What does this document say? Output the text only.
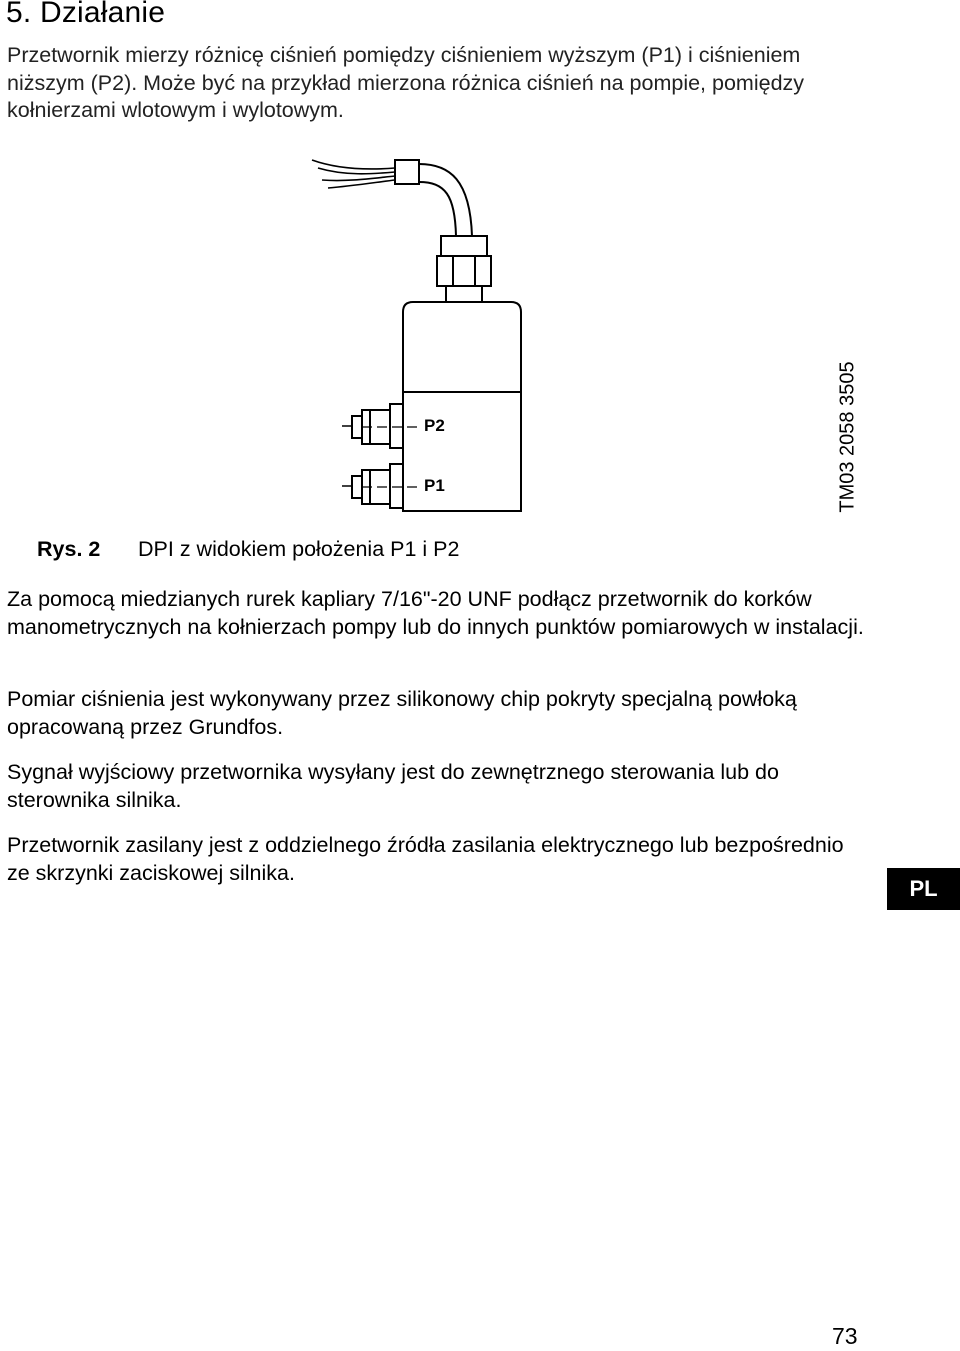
5. Działanie

Przetwornik mierzy różnicę ciśnień pomiędzy ciśnieniem wyższym (P1) i ciśnieniem niższym (P2). Może być na przykład mierzona różnica ciśnień na pompie, pomiędzy kołnierzami wlotowym i wylotowym.

P2
P1	TM03 2058 3505
Rys. 2 DPI z widokiem położenia P1 i P2

Za pomocą miedzianych rurek kapliary 7/16"-20 UNF podłącz przetwornik do korków manometrycznych na kołnierzach pompy lub do innych punktów pomiarowych w instalacji.

Pomiar ciśnienia jest wykonywany przez silikonowy chip pokryty specjalną powłoką opracowaną przez Grundfos.

Sygnał wyjściowy przetwornika wysyłany jest do zewnętrznego sterowania lub do sterownika silnika.

Przetwornik zasilany jest z oddzielnego źródła zasilania elektrycznego lub bezpośrednio ze skrzynki zaciskowej silnika.

PL
73
